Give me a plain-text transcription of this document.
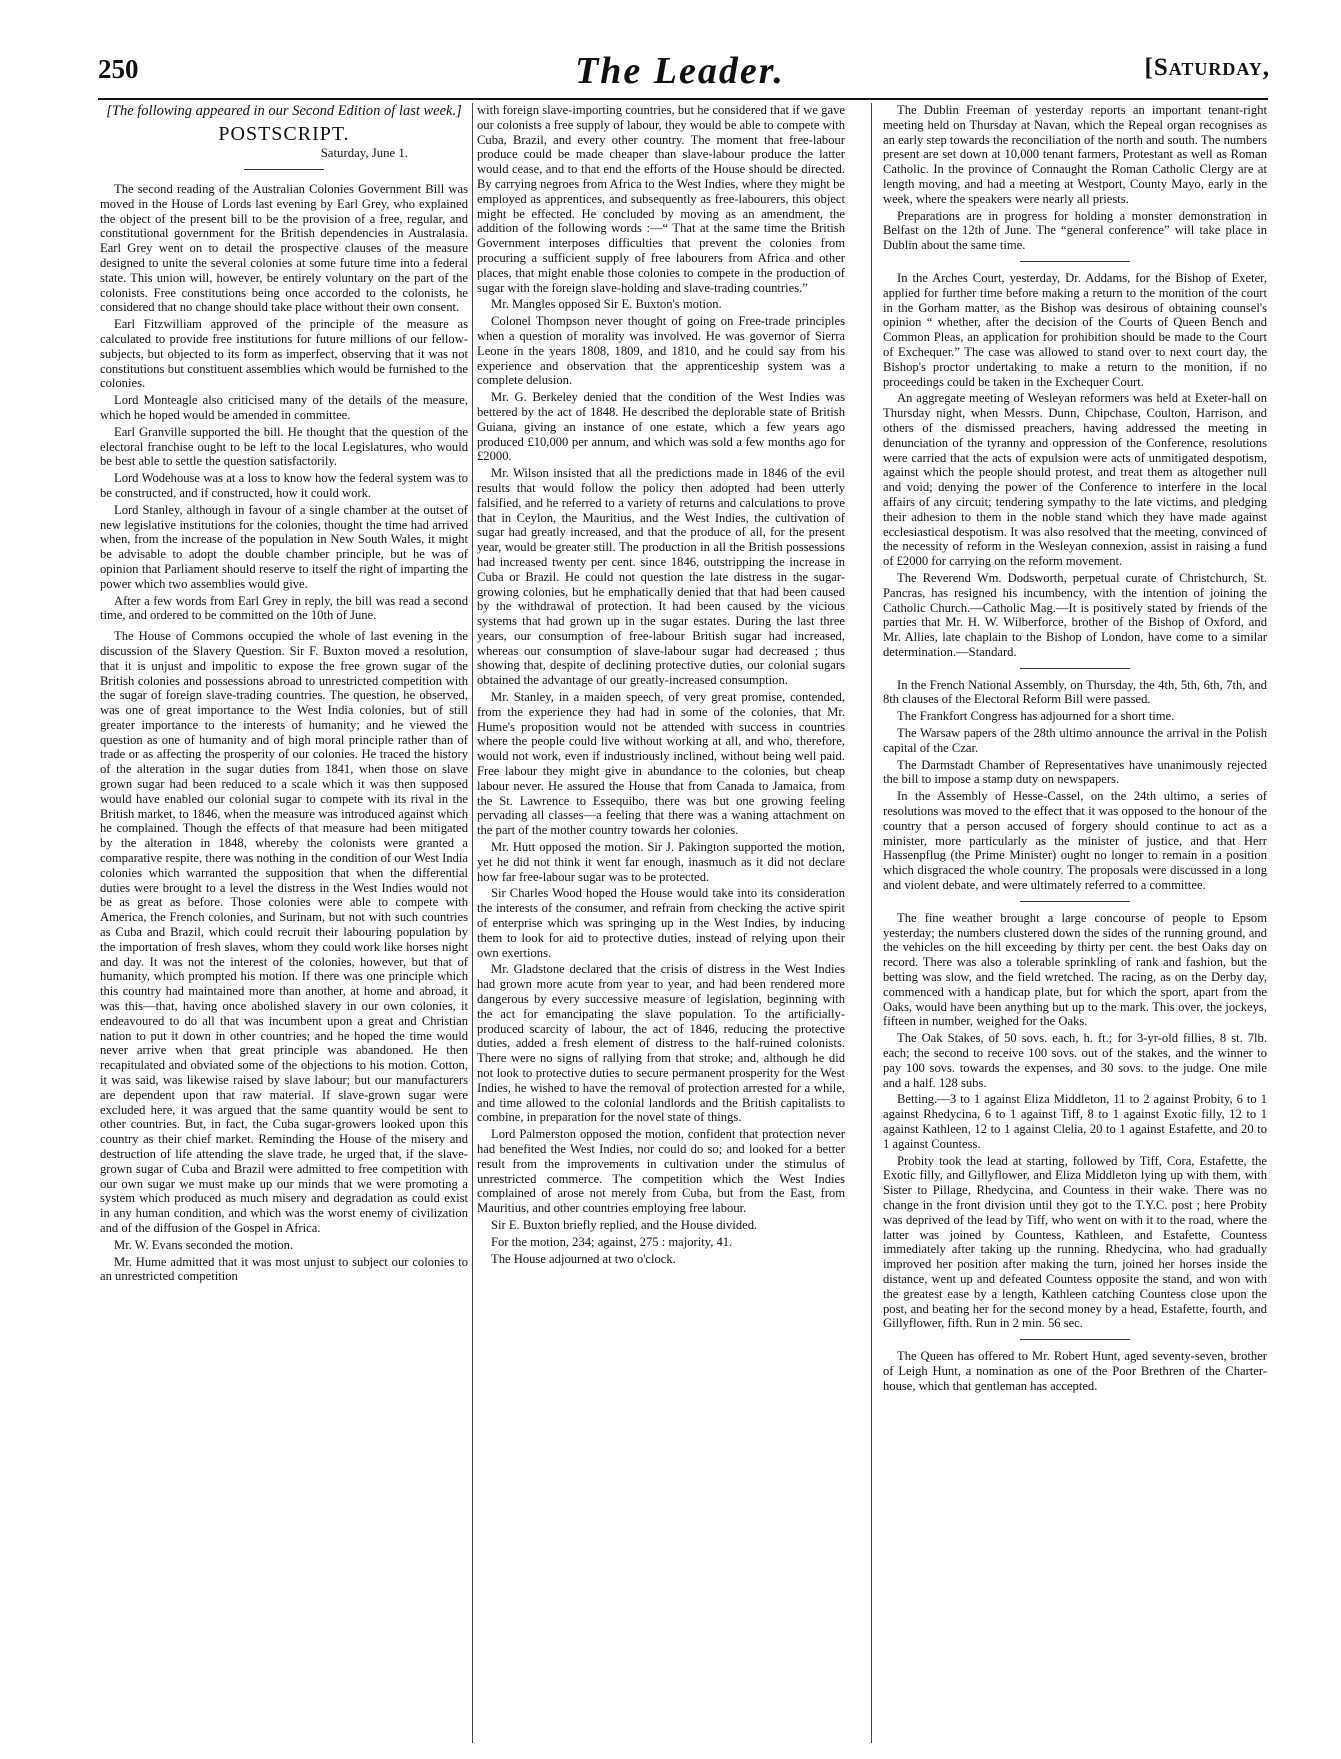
250	The Leader.	[Saturday,
[The following appeared in our Second Edition of last week.]
POSTSCRIPT.
Saturday, June 1.

The second reading of the Australian Colonies Government Bill was moved in the House of Lords last evening by Earl Grey, who explained the object of the present bill to be the provision of a free, regular, and constitutional government for the British dependencies in Australasia. Earl Grey went on to detail the prospective clauses of the measure designed to unite the several colonies at some future time into a federal state. This union will, however, be entirely voluntary on the part of the colonists. Free constitutions being once accorded to the colonists, he considered that no change should take place without their own consent.

Earl Fitzwilliam approved of the principle of the measure as calculated to provide free institutions for future millions of our fellow-subjects, but objected to its form as imperfect, observing that it was not constitutions but constituent assemblies which would be furnished to the colonies.

Lord Monteagle also criticised many of the details of the measure, which he hoped would be amended in committee.

Earl Granville supported the bill. He thought that the question of the electoral franchise ought to be left to the local Legislatures, who would be best able to settle the question satisfactorily.

Lord Wodehouse was at a loss to know how the federal system was to be constructed, and if constructed, how it could work.

Lord Stanley, although in favour of a single chamber at the outset of new legislative institutions for the colonies, thought the time had arrived when, from the increase of the population in New South Wales, it might be advisable to adopt the double chamber principle, but he was of opinion that Parliament should reserve to itself the right of imparting the power which two assemblies would give.

After a few words from Earl Grey in reply, the bill was read a second time, and ordered to be committed on the 10th of June.

The House of Commons occupied the whole of last evening in the discussion of the Slavery Question. Sir F. Buxton moved a resolution, that it is unjust and impolitic to expose the free grown sugar of the British colonies and possessions abroad to unrestricted competition with the sugar of foreign slave-trading countries. The question, he observed, was one of great importance to the West India colonies, but of still greater importance to the interests of humanity; and he viewed the question as one of humanity and of high moral principle rather than of trade or as affecting the prosperity of our colonies. He traced the history of the alteration in the sugar duties from 1841, when those on slave grown sugar had been reduced to a scale which it was then supposed would have enabled our colonial sugar to compete with its rival in the British market, to 1846, when the measure was introduced against which he complained. Though the effects of that measure had been mitigated by the alteration in 1848, whereby the colonists were granted a comparative respite, there was nothing in the condition of our West India colonies which warranted the supposition that when the differential duties were brought to a level the distress in the West Indies would not be as great as before. Those colonies were able to compete with America, the French colonies, and Surinam, but not with such countries as Cuba and Brazil, which could recruit their labouring population by the importation of fresh slaves, whom they could work like horses night and day. It was not the interest of the colonies, however, but that of humanity, which prompted his motion. If there was one principle which this country had maintained more than another, at home and abroad, it was this—that, having once abolished slavery in our own colonies, it endeavoured to do all that was incumbent upon a great and Christian nation to put it down in other countries; and he hoped the time would never arrive when that great principle was abandoned. He then recapitulated and obviated some of the objections to his motion. Cotton, it was said, was likewise raised by slave labour; but our manufacturers are dependent upon that raw material. If slave-grown sugar were excluded here, it was argued that the same quantity would be sent to other countries. But, in fact, the Cuba sugar-growers looked upon this country as their chief market. Reminding the House of the misery and destruction of life attending the slave trade, he urged that, if the slave-grown sugar of Cuba and Brazil were admitted to free competition with our own sugar we must make up our minds that we were promoting a system which produced as much misery and degradation as could exist in any human condition, and which was the worst enemy of civilization and of the diffusion of the Gospel in Africa.

Mr. W. Evans seconded the motion.

Mr. Hume admitted that it was most unjust to subject our colonies to an unrestricted competition

with foreign slave-importing countries, but he considered that if we gave our colonists a free supply of labour, they would be able to compete with Cuba, Brazil, and every other country. The moment that free-labour produce could be made cheaper than slave-labour produce the latter would cease, and to that end the efforts of the House should be directed. By carrying negroes from Africa to the West Indies, where they might be employed as apprentices, and subsequently as free-labourers, this object might be effected. He concluded by moving as an amendment, the addition of the following words :—“ That at the same time the British Government interposes difficulties that prevent the colonies from procuring a sufficient supply of free labourers from Africa and other places, that might enable those colonies to compete in the production of sugar with the foreign slave-holding and slave-trading countries.”

Mr. Mangles opposed Sir E. Buxton's motion.

Colonel Thompson never thought of going on Free-trade principles when a question of morality was involved. He was governor of Sierra Leone in the years 1808, 1809, and 1810, and he could say from his experience and observation that the apprenticeship system was a complete delusion.

Mr. G. Berkeley denied that the condition of the West Indies was bettered by the act of 1848. He described the deplorable state of British Guiana, giving an instance of one estate, which a few years ago produced £10,000 per annum, and which was sold a few months ago for £2000.

Mr. Wilson insisted that all the predictions made in 1846 of the evil results that would follow the policy then adopted had been utterly falsified, and he referred to a variety of returns and calculations to prove that in Ceylon, the Mauritius, and the West Indies, the cultivation of sugar had greatly increased, and that the produce of all, for the present year, would be greater still. The production in all the British possessions had increased twenty per cent. since 1846, outstripping the increase in Cuba or Brazil. He could not question the late distress in the sugar-growing colonies, but he emphatically denied that that had been caused by the withdrawal of protection. It had been caused by the vicious systems that had grown up in the sugar estates. During the last three years, our consumption of free-labour British sugar had increased, whereas our consumption of slave-labour sugar had decreased ; thus showing that, despite of declining protective duties, our colonial sugars obtained the advantage of our greatly-increased consumption.

Mr. Stanley, in a maiden speech, of very great promise, contended, from the experience they had had in some of the colonies, that Mr. Hume's proposition would not be attended with success in countries where the people could live without working at all, and who, therefore, would not work, even if industriously inclined, without being well paid. Free labour they might give in abundance to the colonies, but cheap labour never. He assured the House that from Canada to Jamaica, from the St. Lawrence to Essequibo, there was but one growing feeling pervading all classes—a feeling that there was a waning attachment on the part of the mother country towards her colonies.

Mr. Hutt opposed the motion. Sir J. Pakington supported the motion, yet he did not think it went far enough, inasmuch as it did not declare how far free-labour sugar was to be protected.

Sir Charles Wood hoped the House would take into its consideration the interests of the consumer, and refrain from checking the active spirit of enterprise which was springing up in the West Indies, by inducing them to look for aid to protective duties, instead of relying upon their own exertions.

Mr. Gladstone declared that the crisis of distress in the West Indies had grown more acute from year to year, and had been rendered more dangerous by every successive measure of legislation, beginning with the act for emancipating the slave population. To the artificially-produced scarcity of labour, the act of 1846, reducing the protective duties, added a fresh element of distress to the half-ruined colonists. There were no signs of rallying from that stroke; and, although he did not look to protective duties to secure permanent prosperity for the West Indies, he wished to have the removal of protection arrested for a while, and time allowed to the colonial landlords and the British capitalists to combine, in preparation for the novel state of things.

Lord Palmerston opposed the motion, confident that protection never had benefited the West Indies, nor could do so; and looked for a better result from the improvements in cultivation under the stimulus of unrestricted commerce. The competition which the West Indies complained of arose not merely from Cuba, but from the East, from Mauritius, and other countries employing free labour.

Sir E. Buxton briefly replied, and the House divided.

For the motion, 234; against, 275 : majority, 41.

The House adjourned at two o'clock.

The Dublin Freeman of yesterday reports an important tenant-right meeting held on Thursday at Navan, which the Repeal organ recognises as an early step towards the reconciliation of the north and south. The numbers present are set down at 10,000 tenant farmers, Protestant as well as Roman Catholic. In the province of Connaught the Roman Catholic Clergy are at length moving, and had a meeting at Westport, County Mayo, early in the week, where the speakers were nearly all priests.

Preparations are in progress for holding a monster demonstration in Belfast on the 12th of June. The “general conference” will take place in Dublin about the same time.

In the Arches Court, yesterday, Dr. Addams, for the Bishop of Exeter, applied for further time before making a return to the monition of the court in the Gorham matter, as the Bishop was desirous of obtaining counsel's opinion “ whether, after the decision of the Courts of Queen Bench and Common Pleas, an application for prohibition should be made to the Court of Exchequer.” The case was allowed to stand over to next court day, the Bishop's proctor undertaking to make a return to the monition, if no proceedings could be taken in the Exchequer Court.

An aggregate meeting of Wesleyan reformers was held at Exeter-hall on Thursday night, when Messrs. Dunn, Chipchase, Coulton, Harrison, and others of the dismissed preachers, having addressed the meeting in denunciation of the tyranny and oppression of the Conference, resolutions were carried that the acts of expulsion were acts of unmitigated despotism, against which the people should protest, and treat them as altogether null and void; denying the power of the Conference to interfere in the local affairs of any circuit; tendering sympathy to the late victims, and pledging their adhesion to them in the noble stand which they have made against ecclesiastical despotism. It was also resolved that the meeting, convinced of the necessity of reform in the Wesleyan connexion, assist in raising a fund of £2000 for carrying on the reform movement.

The Reverend Wm. Dodsworth, perpetual curate of Christchurch, St. Pancras, has resigned his incumbency, with the intention of joining the Catholic Church.—Catholic Mag.—It is positively stated by friends of the parties that Mr. H. W. Wilberforce, brother of the Bishop of Oxford, and Mr. Allies, late chaplain to the Bishop of London, have come to a similar determination.—Standard.

In the French National Assembly, on Thursday, the 4th, 5th, 6th, 7th, and 8th clauses of the Electoral Reform Bill were passed.

The Frankfort Congress has adjourned for a short time.

The Warsaw papers of the 28th ultimo announce the arrival in the Polish capital of the Czar.

The Darmstadt Chamber of Representatives have unanimously rejected the bill to impose a stamp duty on newspapers.

In the Assembly of Hesse-Cassel, on the 24th ultimo, a series of resolutions was moved to the effect that it was opposed to the honour of the country that a person accused of forgery should continue to act as a minister, more particularly as the minister of justice, and that Herr Hassenpflug (the Prime Minister) ought no longer to remain in a position which disgraced the whole country. The proposals were discussed in a long and violent debate, and were ultimately referred to a committee.

The fine weather brought a large concourse of people to Epsom yesterday; the numbers clustered down the sides of the running ground, and the vehicles on the hill exceeding by thirty per cent. the best Oaks day on record. There was also a tolerable sprinkling of rank and fashion, but the betting was slow, and the field wretched. The racing, as on the Derby day, commenced with a handicap plate, but for which the sport, apart from the Oaks, would have been anything but up to the mark. This over, the jockeys, fifteen in number, weighed for the Oaks.

The Oak Stakes, of 50 sovs. each, h. ft.; for 3-yr-old fillies, 8 st. 7lb. each; the second to receive 100 sovs. out of the stakes, and the winner to pay 100 sovs. towards the expenses, and 30 sovs. to the judge. One mile and a half. 128 subs.

Betting.—3 to 1 against Eliza Middleton, 11 to 2 against Probity, 6 to 1 against Rhedycina, 6 to 1 against Tiff, 8 to 1 against Exotic filly, 12 to 1 against Kathleen, 12 to 1 against Clelia, 20 to 1 against Estafette, and 20 to 1 against Countess.

Probity took the lead at starting, followed by Tiff, Cora, Estafette, the Exotic filly, and Gillyflower, and Eliza Middleton lying up with them, with Sister to Pillage, Rhedycina, and Countess in their wake. There was no change in the front division until they got to the T.Y.C. post ; here Probity was deprived of the lead by Tiff, who went on with it to the road, where the latter was joined by Countess, Kathleen, and Estafette, Countess immediately after taking up the running. Rhedycina, who had gradually improved her position after making the turn, joined her horses inside the distance, went up and defeated Countess opposite the stand, and won with the greatest ease by a length, Kathleen catching Countess close upon the post, and beating her for the second money by a head, Estafette, fourth, and Gillyflower, fifth. Run in 2 min. 56 sec.

The Queen has offered to Mr. Robert Hunt, aged seventy-seven, brother of Leigh Hunt, a nomination as one of the Poor Brethren of the Charter-house, which that gentleman has accepted.
